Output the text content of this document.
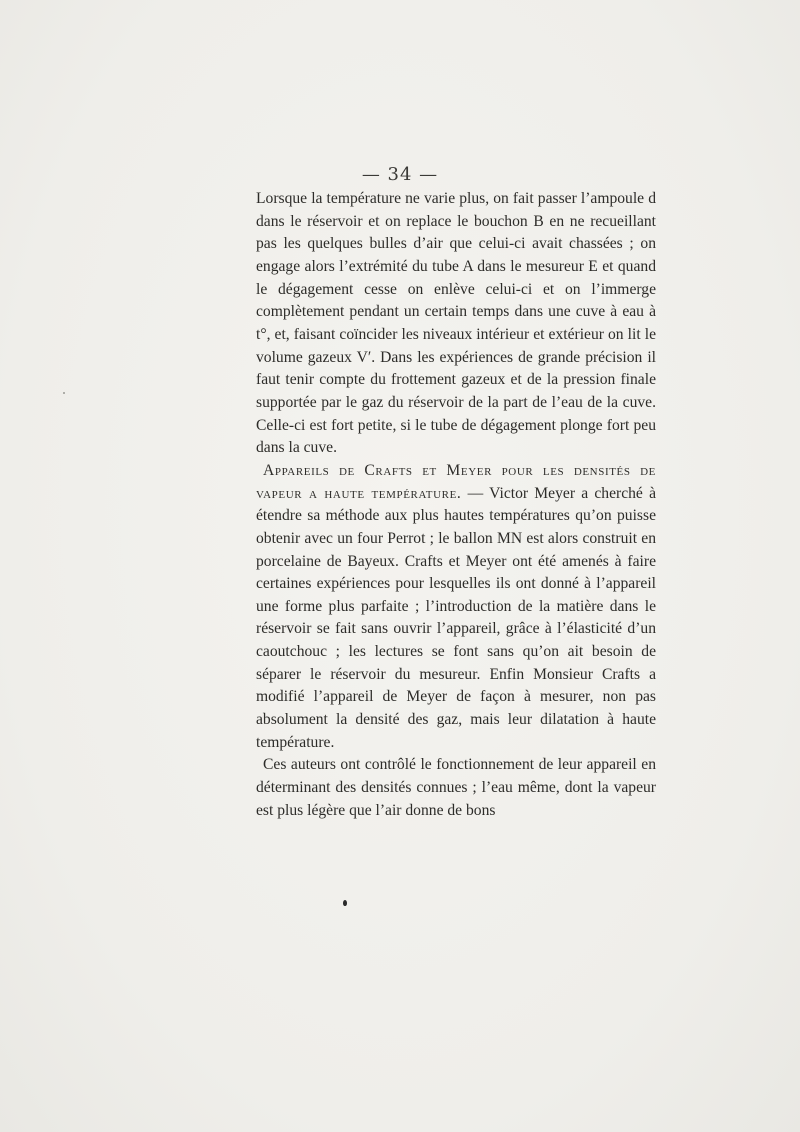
— 34 —

Lorsque la température ne varie plus, on fait passer l’ampoule d dans le réservoir et on replace le bouchon B en ne recueillant pas les quelques bulles d’air que celui-ci avait chassées ; on engage alors l’extrémité du tube A dans le mesureur E et quand le dégagement cesse on enlève celui-ci et on l’immerge complètement pendant un certain temps dans une cuve à eau à t°, et, faisant coïncider les niveaux intérieur et extérieur on lit le volume gazeux V′. Dans les expériences de grande précision il faut tenir compte du frottement gazeux et de la pression finale supportée par le gaz du réservoir de la part de l’eau de la cuve. Celle-ci est fort petite, si le tube de dégagement plonge fort peu dans la cuve.

Appareils de Crafts et Meyer pour les densités de vapeur a haute température. — Victor Meyer a cherché à étendre sa méthode aux plus hautes températures qu’on puisse obtenir avec un four Perrot ; le ballon MN est alors construit en porcelaine de Bayeux. Crafts et Meyer ont été amenés à faire certaines expériences pour lesquelles ils ont donné à l’appareil une forme plus parfaite ; l’introduction de la matière dans le réservoir se fait sans ouvrir l’appareil, grâce à l’élasticité d’un caoutchouc ; les lectures se font sans qu’on ait besoin de séparer le réservoir du mesureur. Enfin Monsieur Crafts a modifié l’appareil de Meyer de façon à mesurer, non pas absolument la densité des gaz, mais leur dilatation à haute température.

Ces auteurs ont contrôlé le fonctionnement de leur appareil en déterminant des densités connues ; l’eau même, dont la vapeur est plus légère que l’air donne de bons
